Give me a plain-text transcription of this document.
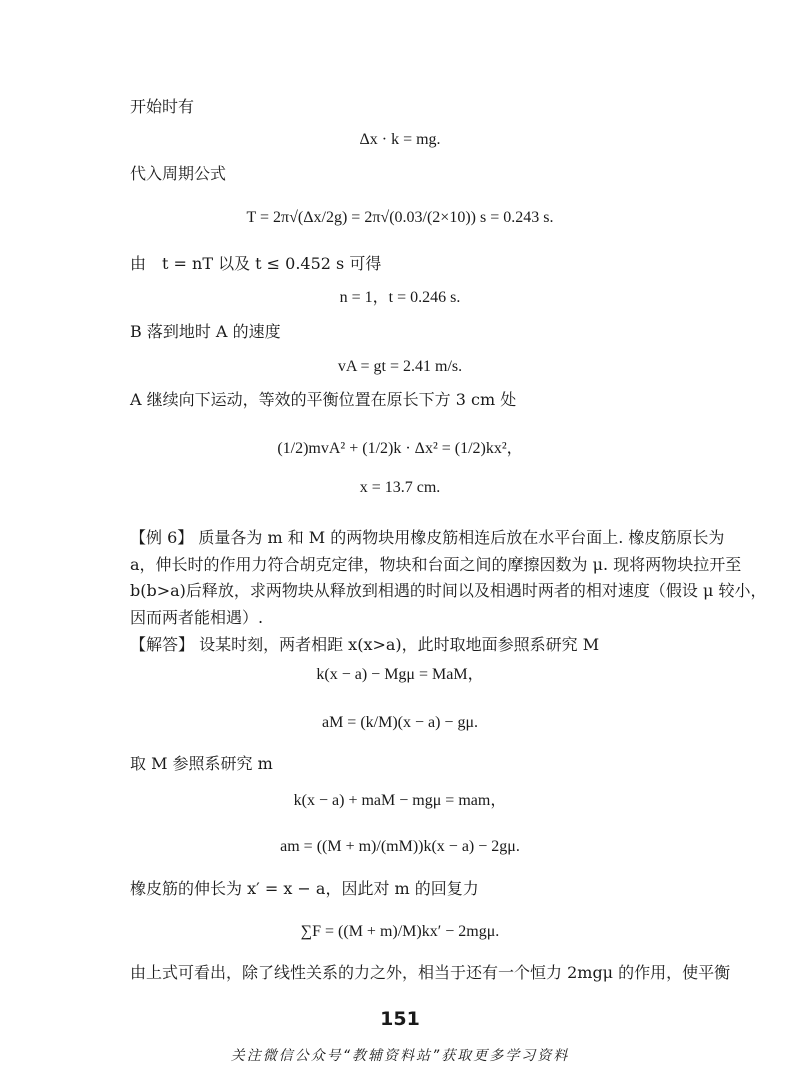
开始时有
Δx · k = mg.
代入周期公式
T = 2π√(Δx/2g) = 2π√(0.03/(2×10)) s = 0.243 s.
由　t = nT 以及 t ≤ 0.452 s 可得
n = 1，t = 0.246 s.
B 落到地时 A 的速度
vA = gt = 2.41 m/s.
A 继续向下运动，等效的平衡位置在原长下方 3 cm 处
(1/2)mvA² + (1/2)k · Δx² = (1/2)kx²，
x = 13.7 cm.
【例 6】 质量各为 m 和 M 的两物块用橡皮筋相连后放在水平台面上. 橡皮筋原长为
a，伸长时的作用力符合胡克定律，物块和台面之间的摩擦因数为 μ. 现将两物块拉开至
b(b>a)后释放，求两物块从释放到相遇的时间以及相遇时两者的相对速度（假设 μ 较小，
因而两者能相遇）.
【解答】 设某时刻，两者相距 x(x>a)，此时取地面参照系研究 M
k(x − a) − Mgμ = MaM，
aM = (k/M)(x − a) − gμ.
取 M 参照系研究 m
k(x − a) + maM − mgμ = mam，
am = ((M + m)/(mM))k(x − a) − 2gμ.
橡皮筋的伸长为 x′ = x − a，因此对 m 的回复力
∑F = ((M + m)/M)kx′ − 2mgμ.
由上式可看出，除了线性关系的力之外，相当于还有一个恒力 2mgμ 的作用，使平衡
151
关注微信公众号“教辅资料站”获取更多学习资料
